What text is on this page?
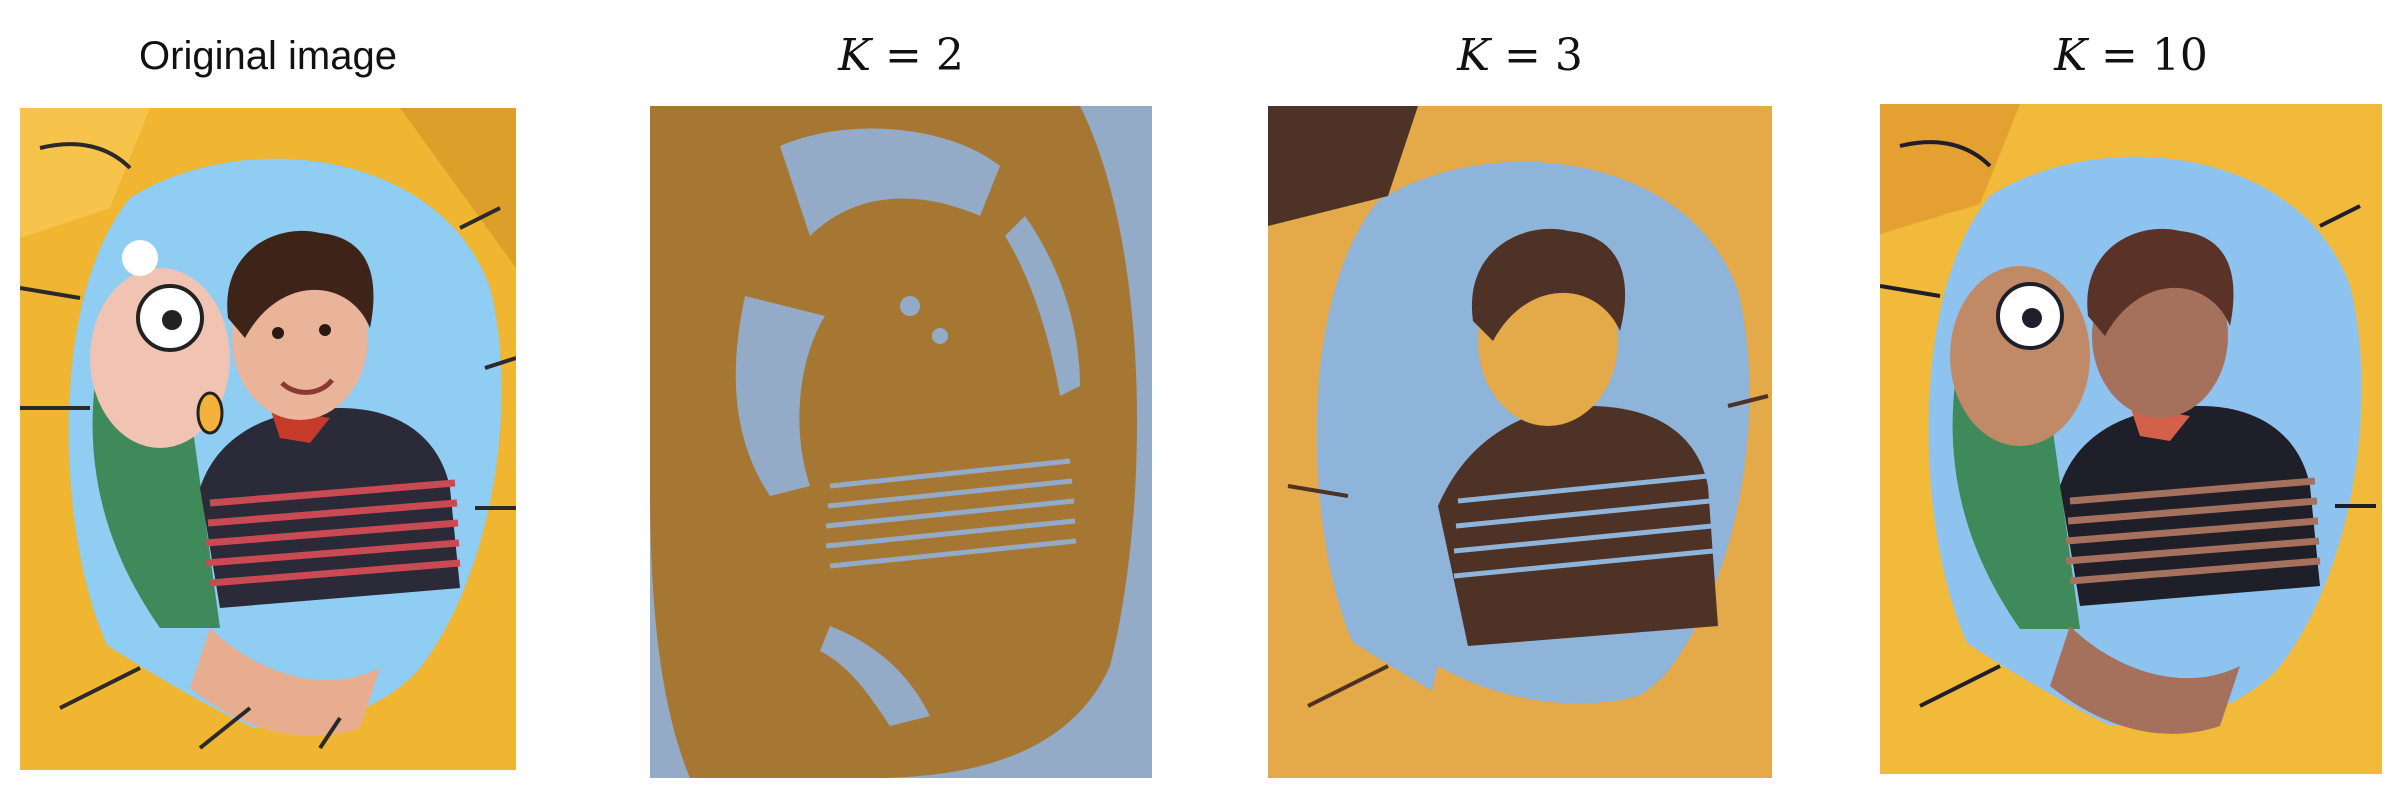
Original image	K = 2	K = 3	K = 10
